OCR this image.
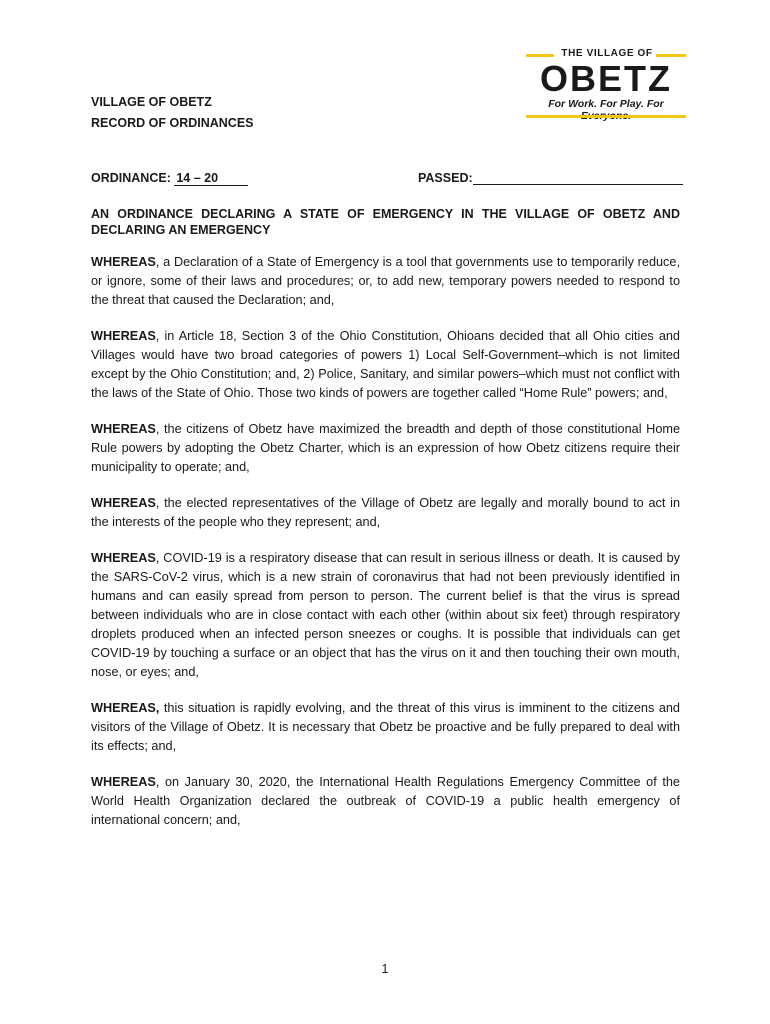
THE VILLAGE OF
OBETZ
For Work. For Play. For
VILLAGE OF OBETZ
RECORD OF ORDINANCES
ORDINANCE: 14 – 20	PASSED:
AN ORDINANCE DECLARING A STATE OF EMERGENCY IN THE VILLAGE OF OBETZ AND DECLARING AN EMERGENCY

WHEREAS, a Declaration of a State of Emergency is a tool that governments use to temporarily reduce, or ignore, some of their laws and procedures; or, to add new, temporary powers needed to respond to the threat that caused the Declaration; and,

WHEREAS, in Article 18, Section 3 of the Ohio Constitution, Ohioans decided that all Ohio cities and Villages would have two broad categories of powers 1) Local Self-Government–which is not limited except by the Ohio Constitution; and, 2) Police, Sanitary, and similar powers–which must not conflict with the laws of the State of Ohio. Those two kinds of powers are together called “Home Rule” powers; and,

WHEREAS, the citizens of Obetz have maximized the breadth and depth of those constitutional Home Rule powers by adopting the Obetz Charter, which is an expression of how Obetz citizens require their municipality to operate; and,

WHEREAS, the elected representatives of the Village of Obetz are legally and morally bound to act in the interests of the people who they represent; and,

WHEREAS, COVID-19 is a respiratory disease that can result in serious illness or death. It is caused by the SARS-CoV-2 virus, which is a new strain of coronavirus that had not been previously identified in humans and can easily spread from person to person. The current belief is that the virus is spread between individuals who are in close contact with each other (within about six feet) through respiratory droplets produced when an infected person sneezes or coughs. It is possible that individuals can get COVID-19 by touching a surface or an object that has the virus on it and then touching their own mouth, nose, or eyes; and,

WHEREAS, this situation is rapidly evolving, and the threat of this virus is imminent to the citizens and visitors of the Village of Obetz. It is necessary that Obetz be proactive and be fully prepared to deal with its effects; and,

WHEREAS, on January 30, 2020, the International Health Regulations Emergency Committee of the World Health Organization declared the outbreak of COVID-19 a public health emergency of international concern; and,

1
